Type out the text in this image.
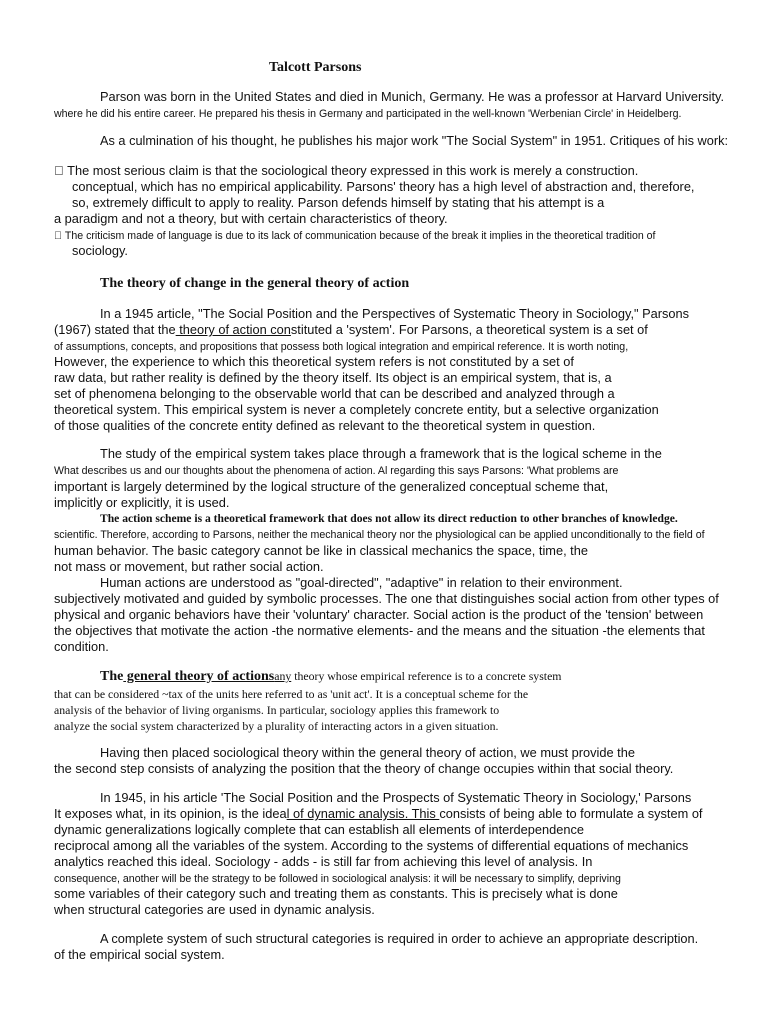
Talcott Parsons
Parson was born in the United States and died in Munich, Germany. He was a professor at Harvard University.
where he did his entire career. He prepared his thesis in Germany and participated in the well-known 'Werbenian Circle' in Heidelberg.
As a culmination of his thought, he publishes his major work "The Social System" in 1951. Critiques of his work:
The most serious claim is that the sociological theory expressed in this work is merely a construction.
conceptual, which has no empirical applicability. Parsons' theory has a high level of abstraction and, therefore,
so, extremely difficult to apply to reality. Parson defends himself by stating that his attempt is a
a paradigm and not a theory, but with certain characteristics of theory.
The criticism made of language is due to its lack of communication because of the break it implies in the theoretical tradition of
sociology.
The theory of change in the general theory of action
In a 1945 article, "The Social Position and the Perspectives of Systematic Theory in Sociology," Parsons
(1967) stated that the theory of action constituted a 'system'. For Parsons, a theoretical system is a set of
of assumptions, concepts, and propositions that possess both logical integration and empirical reference. It is worth noting,
However, the experience to which this theoretical system refers is not constituted by a set of
raw data, but rather reality is defined by the theory itself. Its object is an empirical system, that is, a
set of phenomena belonging to the observable world that can be described and analyzed through a
theoretical system. This empirical system is never a completely concrete entity, but a selective organization
of those qualities of the concrete entity defined as relevant to the theoretical system in question.
The study of the empirical system takes place through a framework that is the logical scheme in the
What describes us and our thoughts about the phenomena of action. Al regarding this says Parsons: 'What problems are
important is largely determined by the logical structure of the generalized conceptual scheme that,
implicitly or explicitly, it is used.
The action scheme is a theoretical framework that does not allow its direct reduction to other branches of knowledge.
scientific. Therefore, according to Parsons, neither the mechanical theory nor the physiological can be applied unconditionally to the field of
human behavior. The basic category cannot be like in classical mechanics the space, time, the
not mass or movement, but rather social action.
Human actions are understood as "goal-directed", "adaptive" in relation to their environment.
subjectively motivated and guided by symbolic processes. The one that distinguishes social action from other types of
physical and organic behaviors have their 'voluntary' character. Social action is the product of the 'tension' between
the objectives that motivate the action -the normative elements- and the means and the situation -the elements that
condition.
The general theory of actionsany theory whose empirical reference is to a concrete system
that can be considered ~tax of the units here referred to as 'unit act'. It is a conceptual scheme for the
analysis of the behavior of living organisms. In particular, sociology applies this framework to
analyze the social system characterized by a plurality of interacting actors in a given situation.
Having then placed sociological theory within the general theory of action, we must provide the
the second step consists of analyzing the position that the theory of change occupies within that social theory.
In 1945, in his article 'The Social Position and the Prospects of Systematic Theory in Sociology,' Parsons
It exposes what, in its opinion, is the ideal of dynamic analysis. This consists of being able to formulate a system of
dynamic generalizations logically complete that can establish all elements of interdependence
reciprocal among all the variables of the system. According to the systems of differential equations of mechanics
analytics reached this ideal. Sociology - adds - is still far from achieving this level of analysis. In
consequence, another will be the strategy to be followed in sociological analysis: it will be necessary to simplify, depriving
some variables of their category such and treating them as constants. This is precisely what is done
when structural categories are used in dynamic analysis.
A complete system of such structural categories is required in order to achieve an appropriate description.
of the empirical social system.
